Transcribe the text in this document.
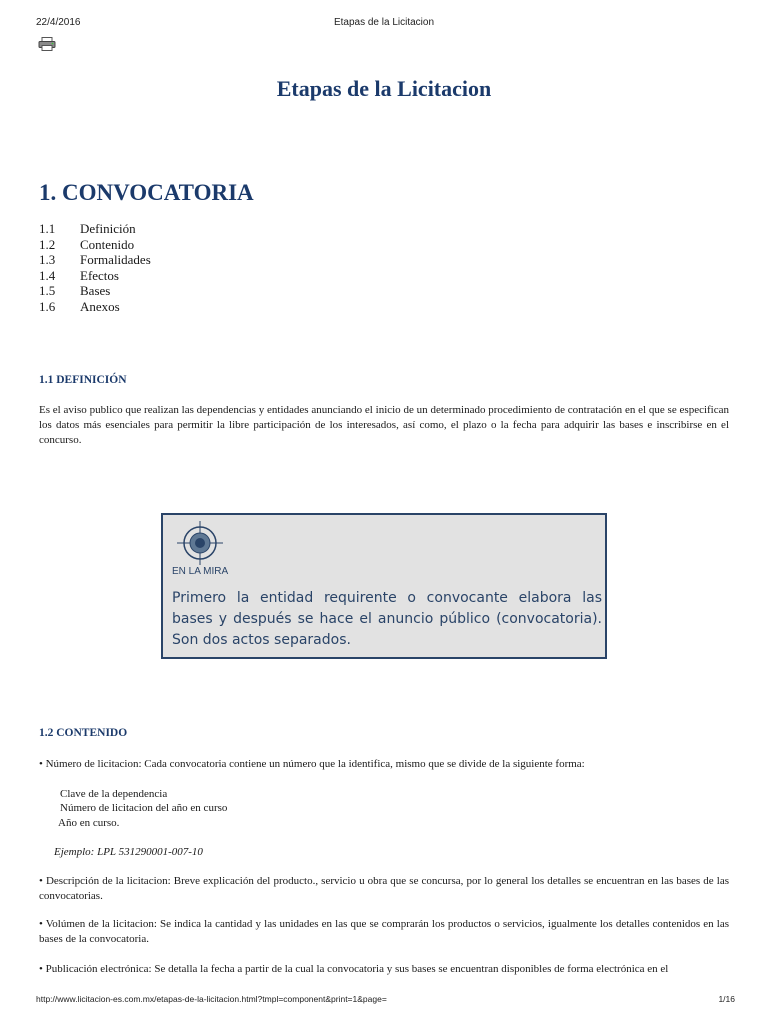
22/4/2016	Etapas de la Licitacion
Etapas de la Licitacion
1. CONVOCATORIA
1.1	Definición
1.2	Contenido
1.3	Formalidades
1.4	Efectos
1.5	Bases
1.6	Anexos
1.1 DEFINICIÓN

Es el aviso publico que realizan las dependencias y entidades anunciando el inicio de un determinado procedimiento de contratación en el que se especifican los datos más esenciales para permitir la libre participación de los interesados, así como, el plazo o la fecha para adquirir las bases e inscribirse en el concurso.

EN LA MIRA

Primero la entidad requirente o convocante elabora las bases y después se hace el anuncio público (convocatoria). Son dos actos separados.

1.2 CONTENIDO

• Número de licitacion: Cada convocatoria contiene un número que la identifica, mismo que se divide de la siguiente forma:

Clave de la dependencia

Número de licitacion del año en curso

Año en curso.

Ejemplo: LPL 531290001-007-10

• Descripción de la licitacion: Breve explicación del producto., servicio u obra que se concursa, por lo general los detalles se encuentran en las bases de las convocatorias.

• Volúmen de la licitacion: Se indica la cantidad y las unidades en las que se comprarán los productos o servicios, igualmente los detalles contenidos en las bases de la convocatoria.

• Publicación electrónica: Se detalla la fecha a partir de la cual la convocatoria y sus bases se encuentran disponibles de forma electrónica en el

http://www.licitacion-es.com.mx/etapas-de-la-licitacion.html?tmpl=component&print=1&page=	1/16
